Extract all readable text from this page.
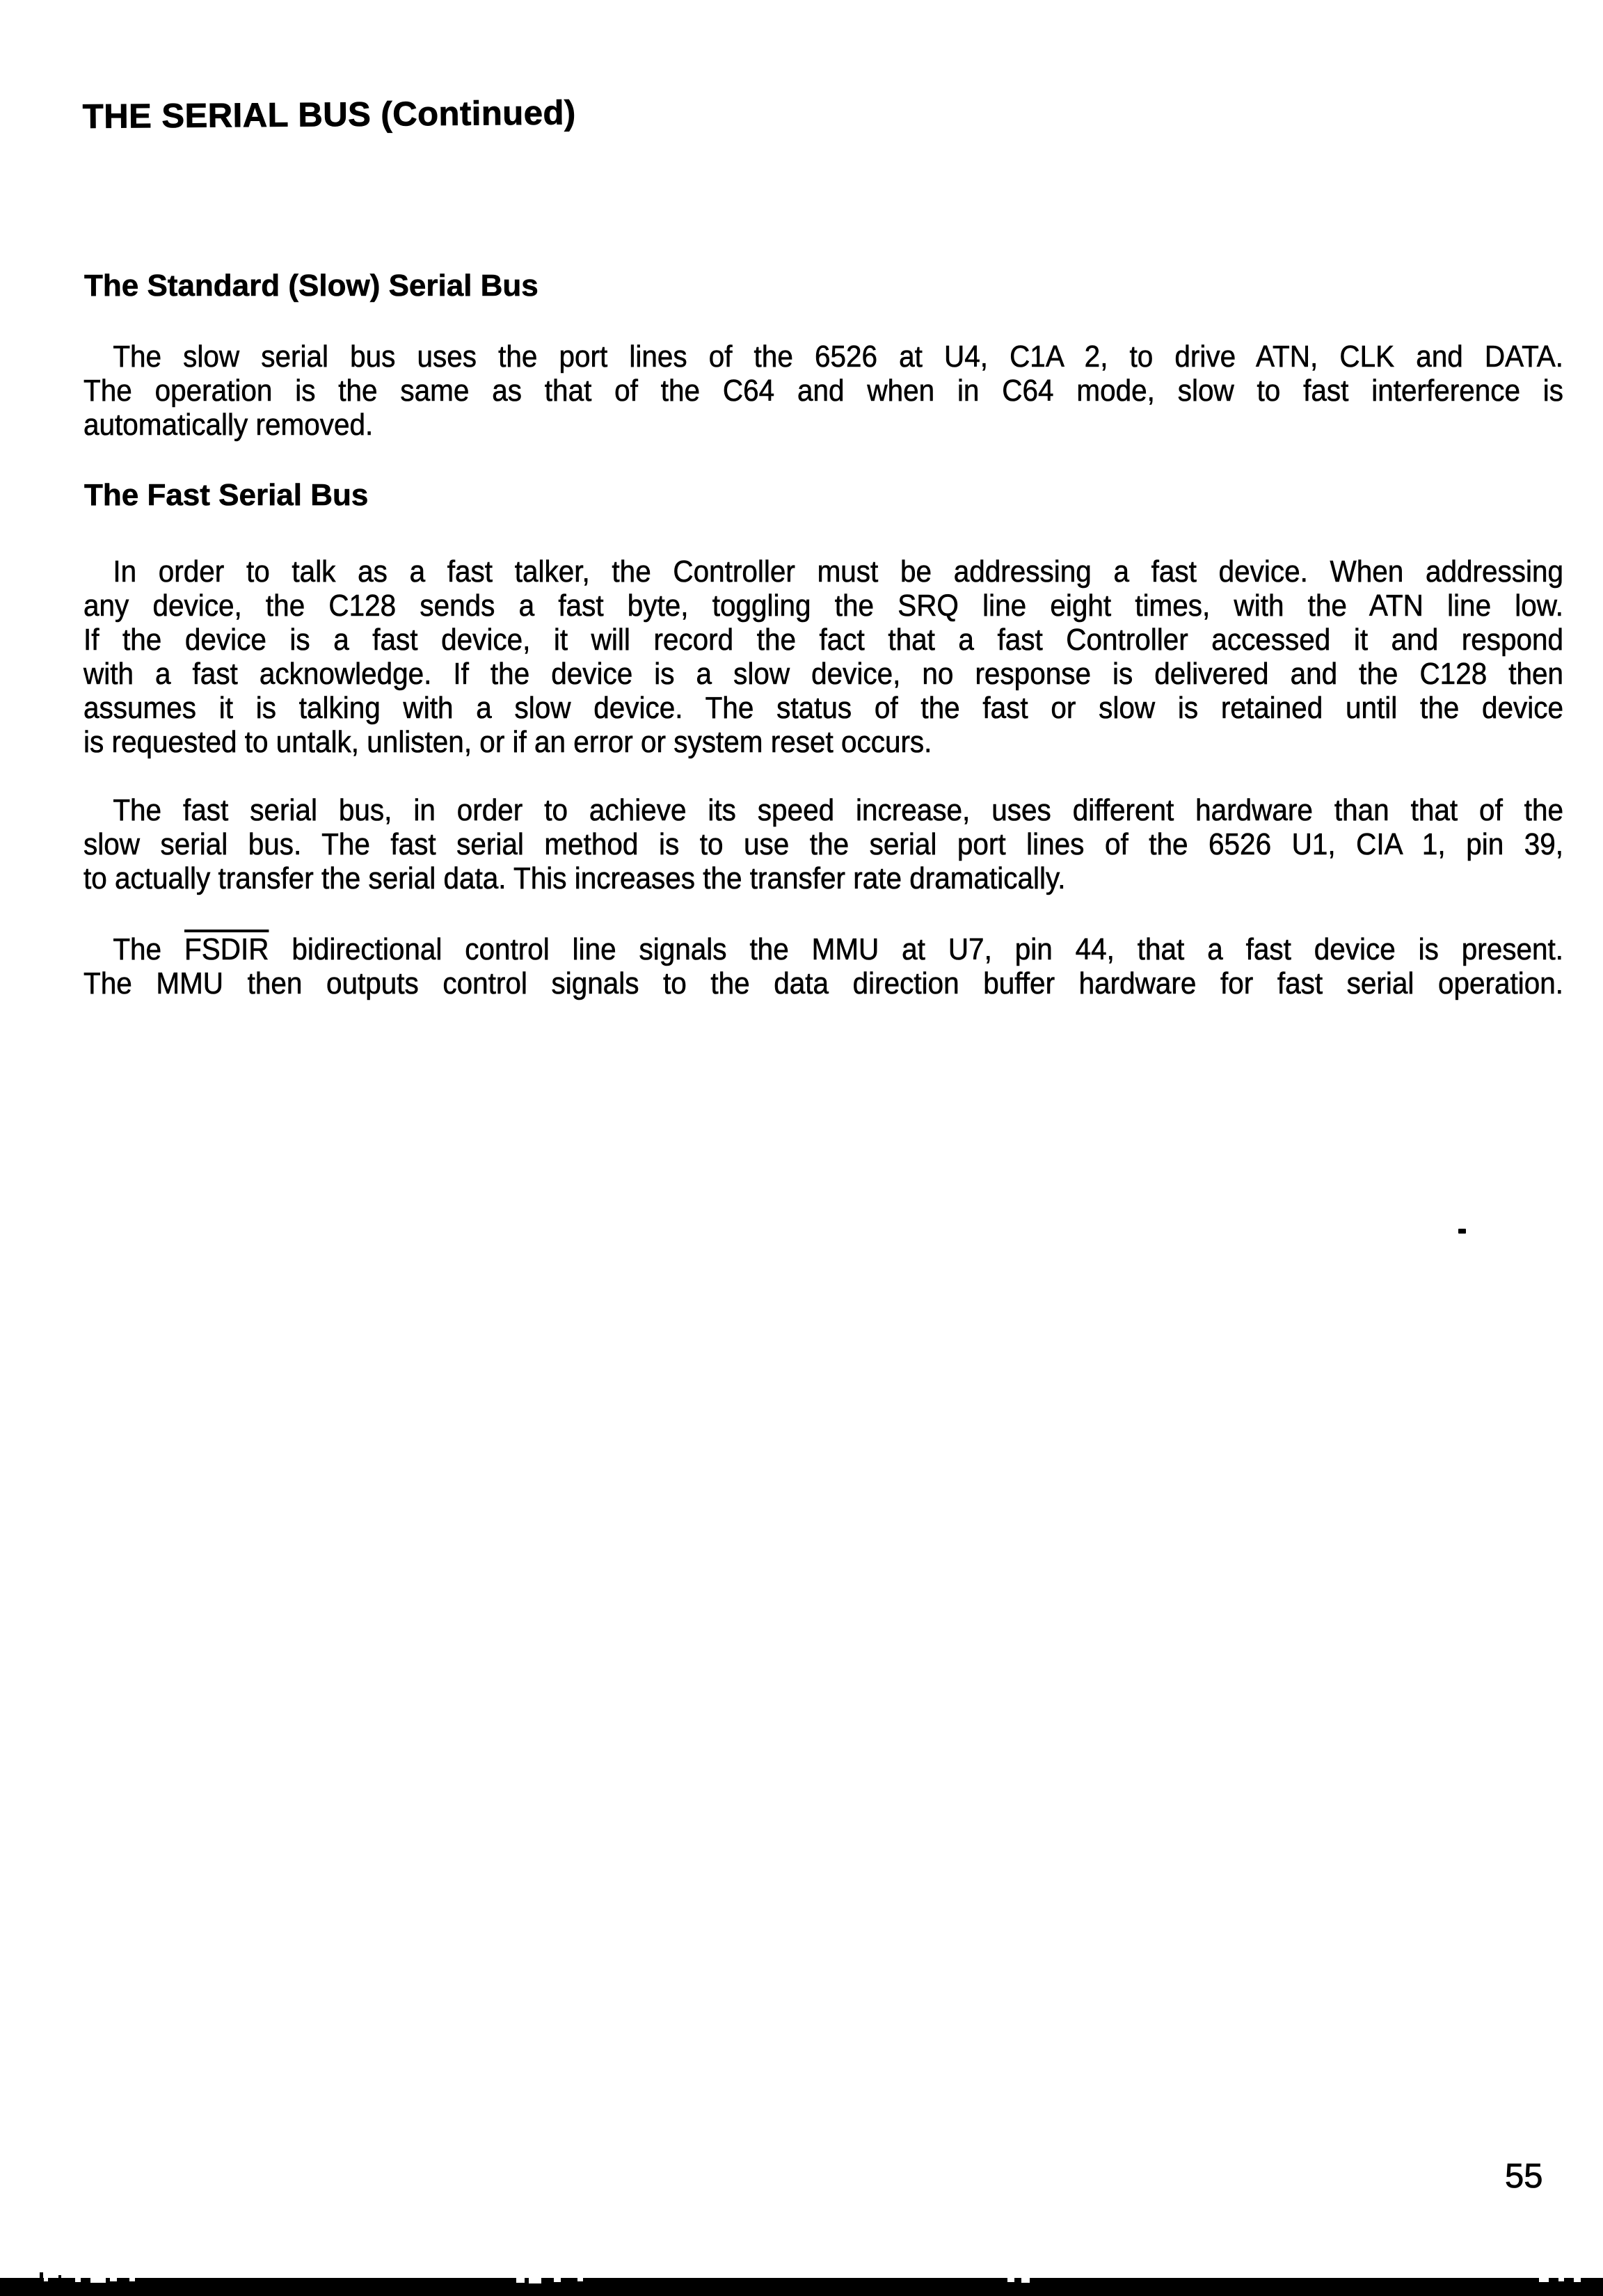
THE SERIAL BUS (Continued)
The Standard (Slow) Serial Bus
The slow serial bus uses the port lines of the 6526 at U4, C1A 2, to drive ATN, CLK and DATA.
The operation is the same as that of the C64 and when in C64 mode, slow to fast interference is
automatically removed.
The Fast Serial Bus
In order to talk as a fast talker, the Controller must be addressing a fast device. When addressing
any device, the C128 sends a fast byte, toggling the SRQ line eight times, with the ATN line low.
If the device is a fast device, it will record the fact that a fast Controller accessed it and respond
with a fast acknowledge. If the device is a slow device, no response is delivered and the C128 then
assumes it is talking with a slow device. The status of the fast or slow is retained until the device
is requested to untalk, unlisten, or if an error or system reset occurs.
The fast serial bus, in order to achieve its speed increase, uses different hardware than that of the
slow serial bus. The fast serial method is to use the serial port lines of the 6526 U1, CIA 1, pin 39,
to actually transfer the serial data. This increases the transfer rate dramatically.
The FSDIR bidirectional control line signals the MMU at U7, pin 44, that a fast device is present.
The MMU then outputs control signals to the data direction buffer hardware for fast serial operation.
55
